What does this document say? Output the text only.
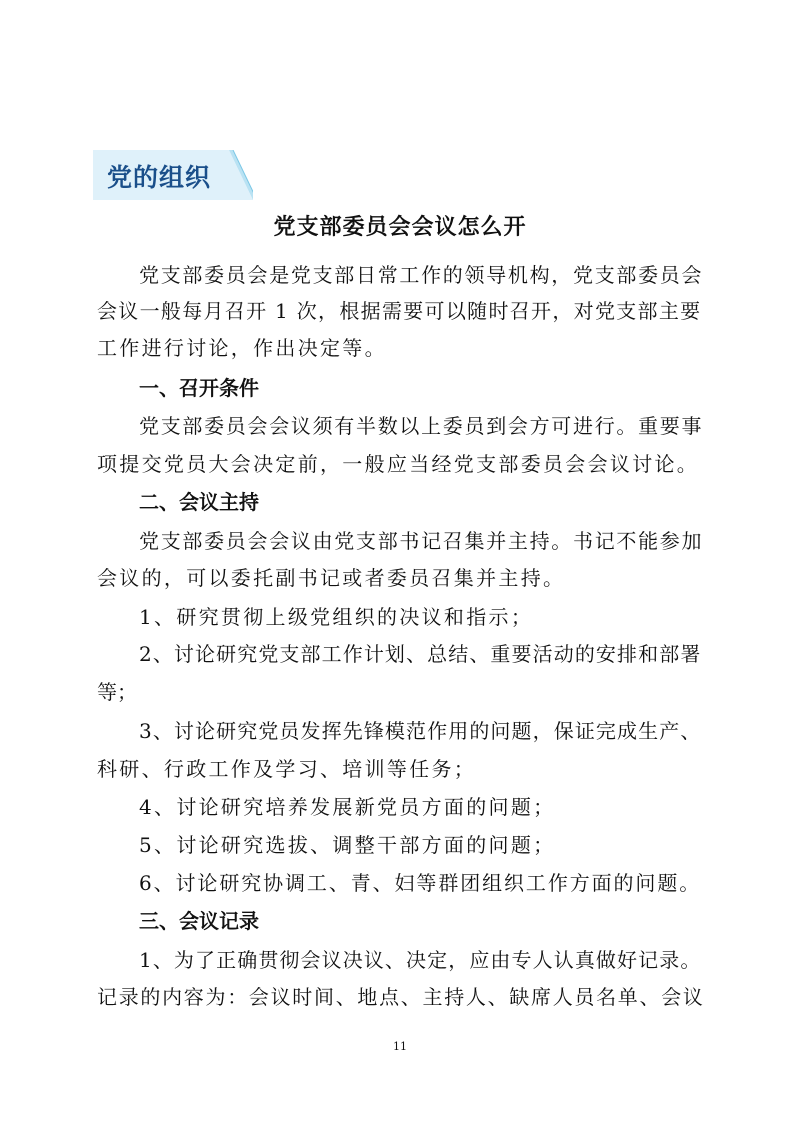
党的组织
党支部委员会会议怎么开
党支部委员会是党支部日常工作的领导机构，党支部委员会
会议一般每月召开 1 次，根据需要可以随时召开，对党支部主要
工作进行讨论，作出决定等。
一、召开条件
党支部委员会会议须有半数以上委员到会方可进行。重要事
项提交党员大会决定前，一般应当经党支部委员会会议讨论。
二、会议主持
党支部委员会会议由党支部书记召集并主持。书记不能参加
会议的，可以委托副书记或者委员召集并主持。
1、研究贯彻上级党组织的决议和指示；
2、讨论研究党支部工作计划、总结、重要活动的安排和部署
等；
3、讨论研究党员发挥先锋模范作用的问题，保证完成生产、
科研、行政工作及学习、培训等任务；
4、讨论研究培养发展新党员方面的问题；
5、讨论研究选拔、调整干部方面的问题；
6、讨论研究协调工、青、妇等群团组织工作方面的问题。
三、会议记录
1、为了正确贯彻会议决议、决定，应由专人认真做好记录。
记录的内容为：会议时间、地点、主持人、缺席人员名单、会议
11
